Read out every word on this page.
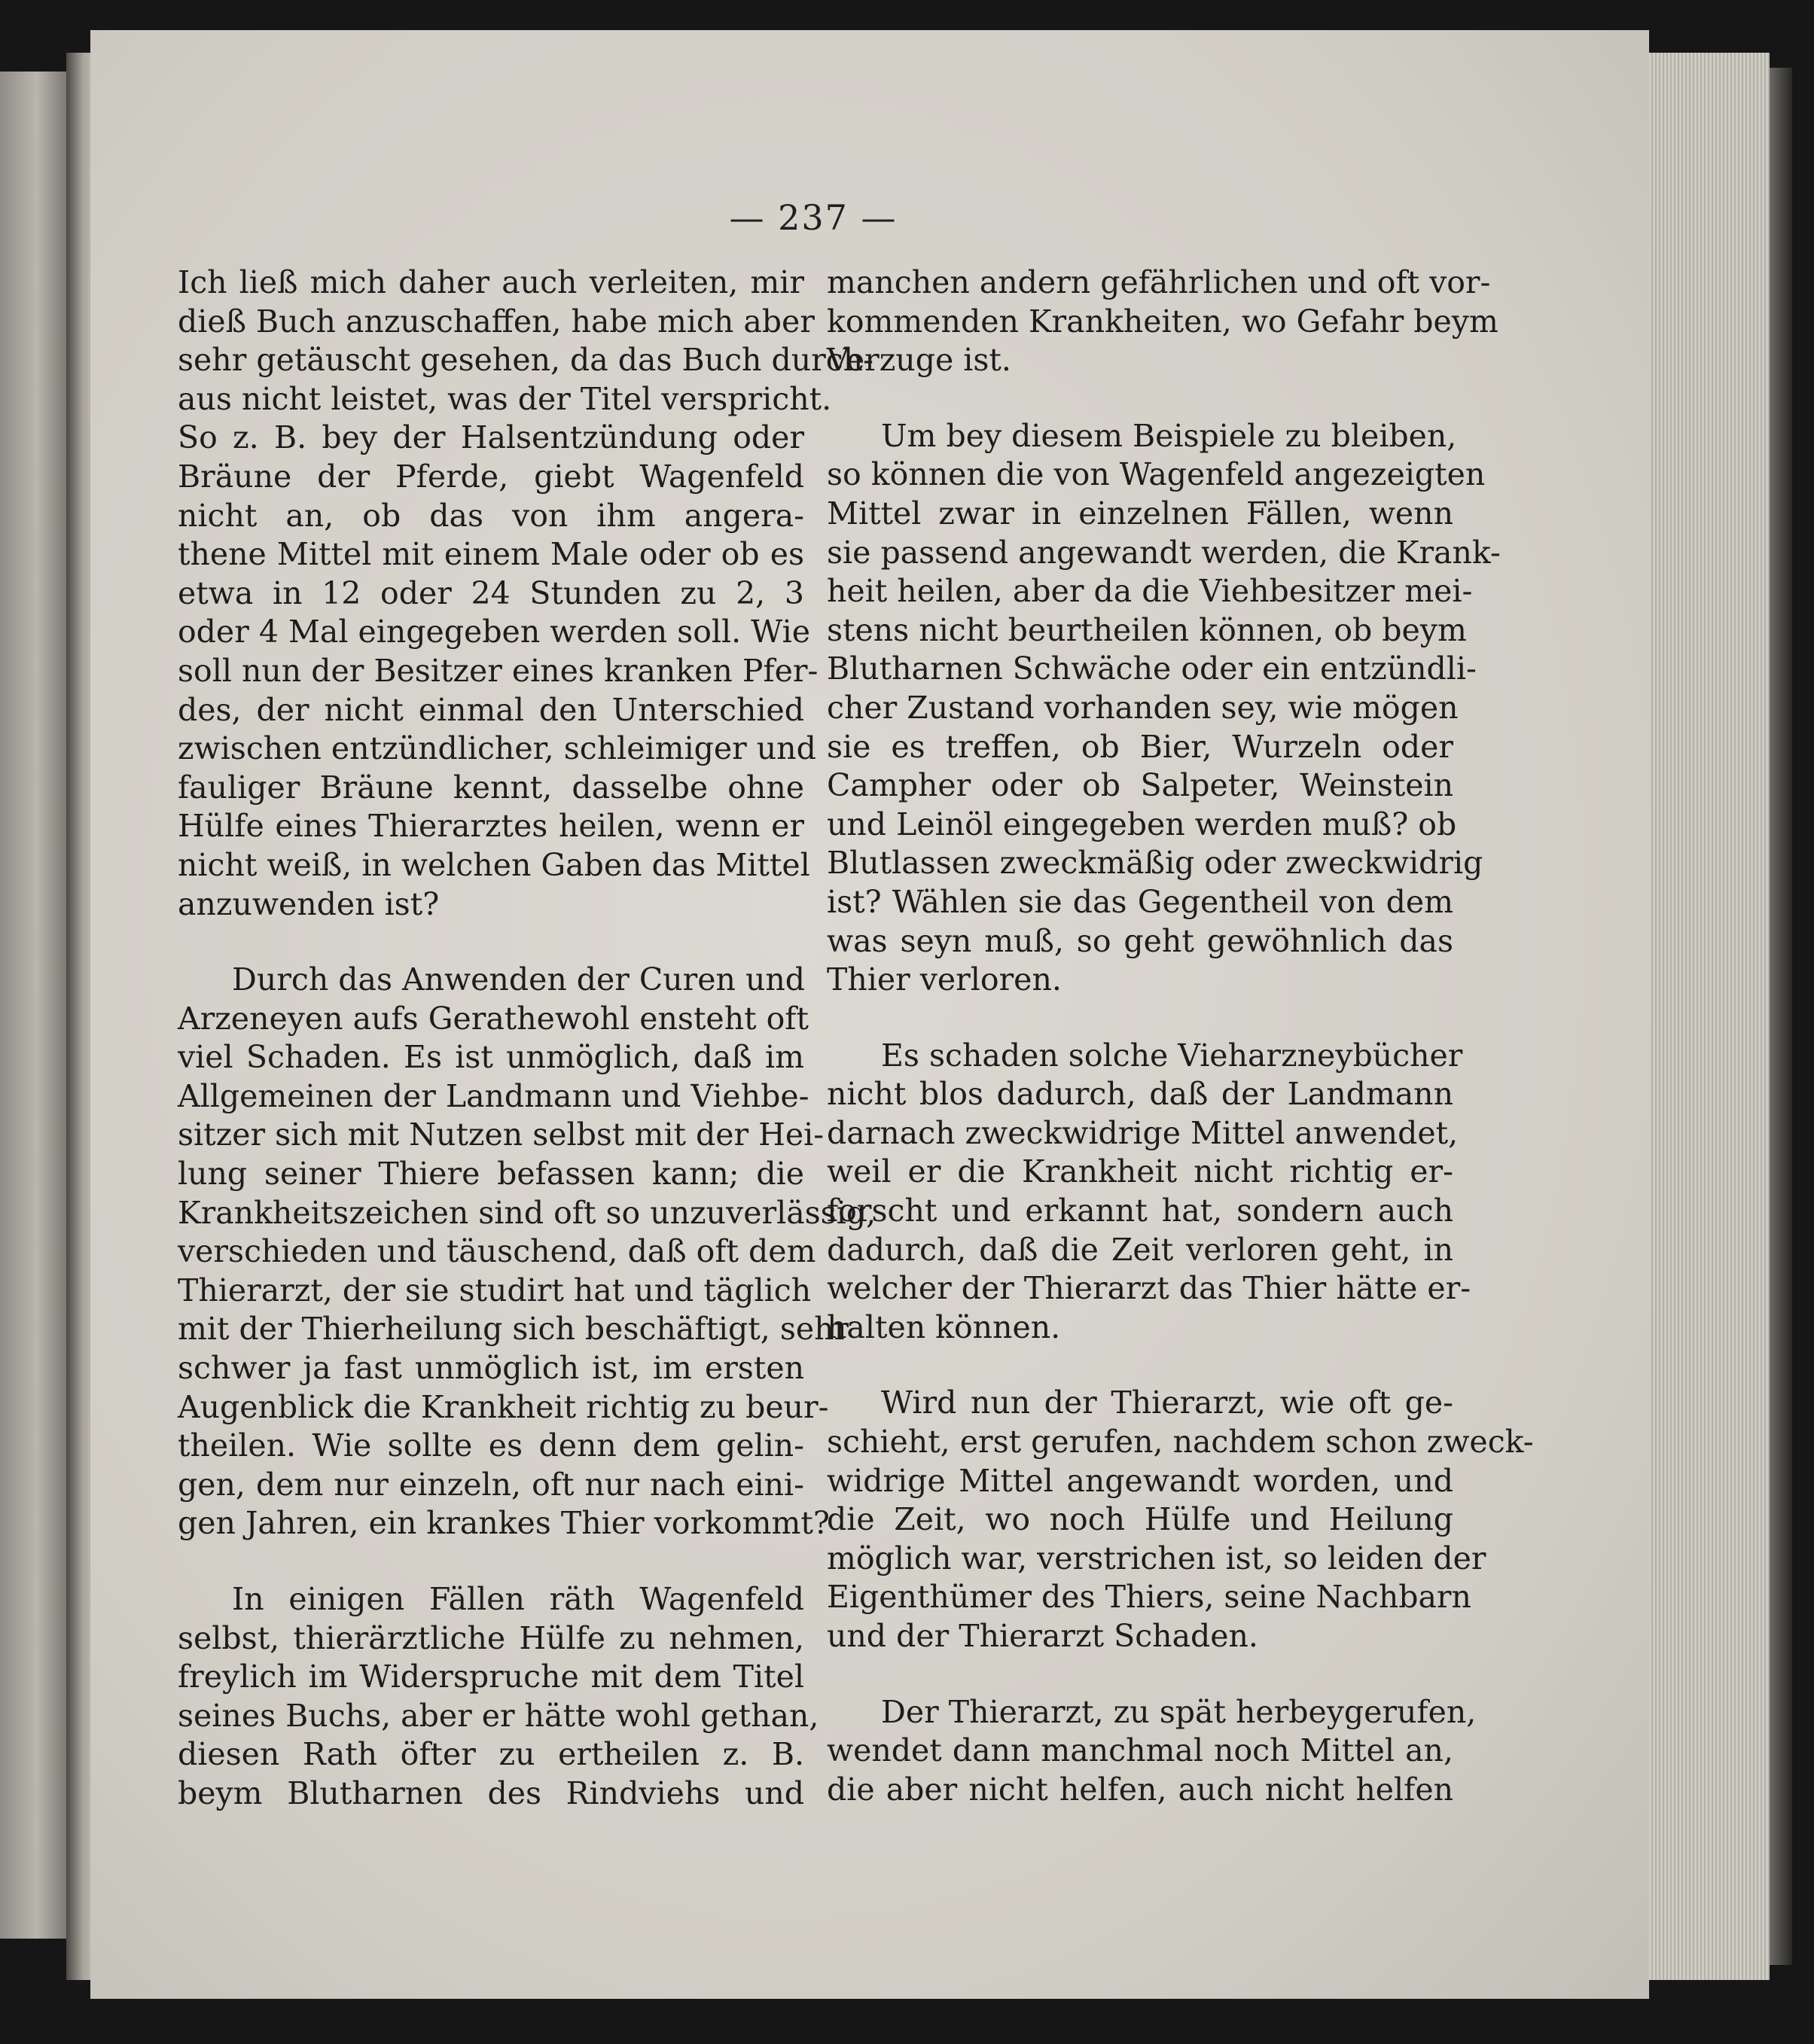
— 237 —
Ich ließ mich daher auch verleiten, mir
dieß Buch anzuschaffen, habe mich aber
sehr getäuscht gesehen, da das Buch durch-
aus nicht leistet, was der Titel verspricht.
So z. B. bey der Halsentzündung oder
Bräune der Pferde, giebt Wagenfeld
nicht an, ob das von ihm angera-
thene Mittel mit einem Male oder ob es
etwa in 12 oder 24 Stunden zu 2, 3
oder 4 Mal eingegeben werden soll. Wie
soll nun der Besitzer eines kranken Pfer-
des, der nicht einmal den Unterschied
zwischen entzündlicher, schleimiger und
fauliger Bräune kennt, dasselbe ohne
Hülfe eines Thierarztes heilen, wenn er
nicht weiß, in welchen Gaben das Mittel
anzuwenden ist?
Durch das Anwenden der Curen und
Arzeneyen aufs Gerathewohl ensteht oft
viel Schaden. Es ist unmöglich, daß im
Allgemeinen der Landmann und Viehbe-
sitzer sich mit Nutzen selbst mit der Hei-
lung seiner Thiere befassen kann; die
Krankheitszeichen sind oft so unzuverlässig,
verschieden und täuschend, daß oft dem
Thierarzt, der sie studirt hat und täglich
mit der Thierheilung sich beschäftigt, sehr
schwer ja fast unmöglich ist, im ersten
Augenblick die Krankheit richtig zu beur-
theilen. Wie sollte es denn dem gelin-
gen, dem nur einzeln, oft nur nach eini-
gen Jahren, ein krankes Thier vorkommt?
In einigen Fällen räth Wagenfeld
selbst, thierärztliche Hülfe zu nehmen,
freylich im Widerspruche mit dem Titel
seines Buchs, aber er hätte wohl gethan,
diesen Rath öfter zu ertheilen z. B.
beym Blutharnen des Rindviehs und
manchen andern gefährlichen und oft vor-
kommenden Krankheiten, wo Gefahr beym
Verzuge ist.
Um bey diesem Beispiele zu bleiben,
so können die von Wagenfeld angezeigten
Mittel zwar in einzelnen Fällen, wenn
sie passend angewandt werden, die Krank-
heit heilen, aber da die Viehbesitzer mei-
stens nicht beurtheilen können, ob beym
Blutharnen Schwäche oder ein entzündli-
cher Zustand vorhanden sey, wie mögen
sie es treffen, ob Bier, Wurzeln oder
Campher oder ob Salpeter, Weinstein
und Leinöl eingegeben werden muß? ob
Blutlassen zweckmäßig oder zweckwidrig
ist? Wählen sie das Gegentheil von dem
was seyn muß, so geht gewöhnlich das
Thier verloren.
Es schaden solche Vieharzneybücher
nicht blos dadurch, daß der Landmann
darnach zweckwidrige Mittel anwendet,
weil er die Krankheit nicht richtig er-
forscht und erkannt hat, sondern auch
dadurch, daß die Zeit verloren geht, in
welcher der Thierarzt das Thier hätte er-
halten können.
Wird nun der Thierarzt, wie oft ge-
schieht, erst gerufen, nachdem schon zweck-
widrige Mittel angewandt worden, und
die Zeit, wo noch Hülfe und Heilung
möglich war, verstrichen ist, so leiden der
Eigenthümer des Thiers, seine Nachbarn
und der Thierarzt Schaden.
Der Thierarzt, zu spät herbeygerufen,
wendet dann manchmal noch Mittel an,
die aber nicht helfen, auch nicht helfen
